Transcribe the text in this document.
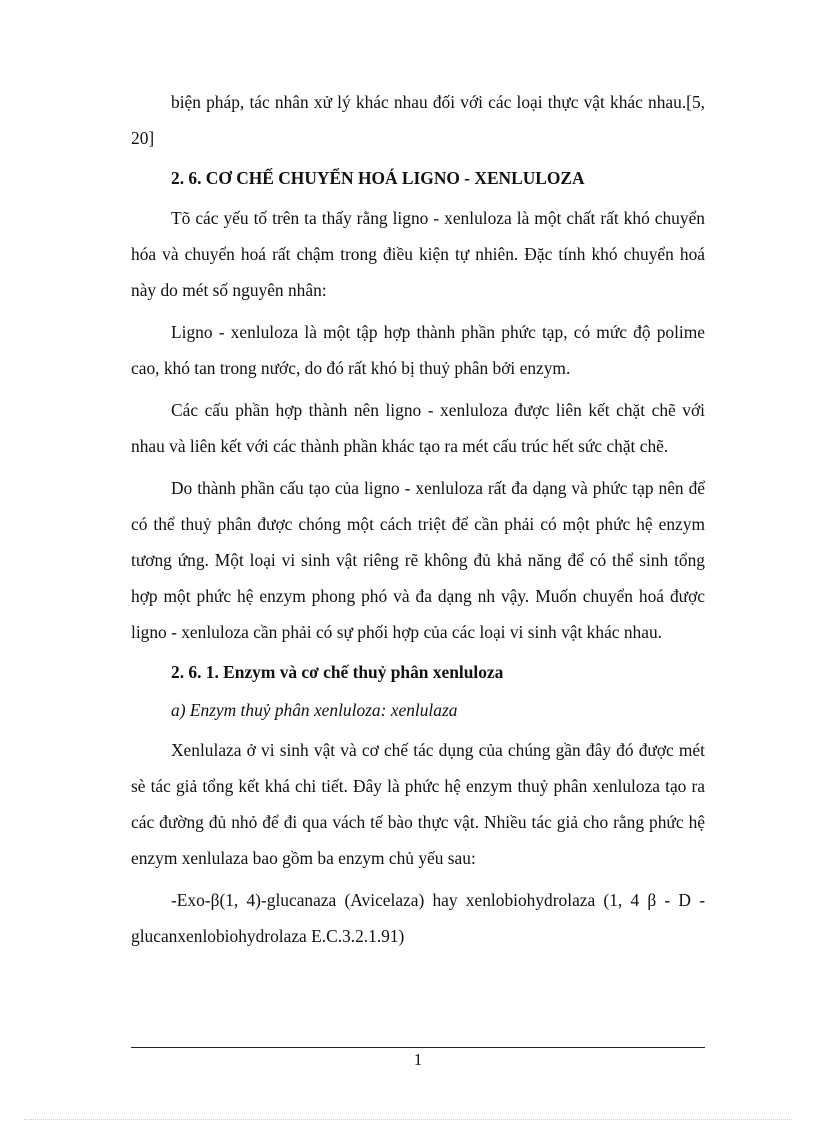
biện pháp, tác nhân xử lý khác nhau đối với các loại thực vật khác nhau.[5, 20]

2. 6. CƠ CHẾ CHUYỂN HOÁ LIGNO - XENLULOZA

Tõ các yếu tố trên ta thấy rằng ligno - xenluloza là một chất rất khó chuyển hóa và chuyển hoá rất chậm trong điều kiện tự nhiên. Đặc tính khó chuyển hoá này do mét số nguyên nhân:

Ligno - xenluloza là một tập hợp thành phần phức tạp, có mức độ polime cao, khó tan trong nước, do đó rất khó bị thuỷ phân bởi enzym.

Các cấu phần hợp thành nên ligno - xenluloza được liên kết chặt chẽ với nhau và liên kết với các thành phần khác tạo ra mét cấu trúc hết sức chặt chẽ.

Do thành phần cấu tạo của ligno - xenluloza rất đa dạng và phức tạp nên để có thể thuỷ phân được chóng một cách triệt để cần phải có một phức hệ enzym tương ứng. Một loại vi sinh vật riêng rẽ không đủ khả năng để có thể sinh tổng hợp một phức hệ enzym phong phó và đa dạng nh vậy. Muốn chuyển hoá được ligno - xenluloza cần phải có sự phối hợp của các loại vi sinh vật khác nhau.

2. 6. 1. Enzym và cơ chế thuỷ phân xenluloza

a) Enzym thuỷ phân xenluloza: xenlulaza

Xenlulaza ở vi sinh vật và cơ chế tác dụng của chúng gần đây đó được mét sè tác giả tổng kết khá chi tiết. Đây là phức hệ enzym thuỷ phân xenluloza tạo ra các đường đủ nhỏ để đi qua vách tế bào thực vật. Nhiều tác giả cho rằng phức hệ enzym xenlulaza bao gồm ba enzym chủ yếu sau:

-Exo-β(1, 4)-glucanaza (Avicelaza) hay xenlobiohydrolaza (1, 4 β - D - glucanxenlobiohydrolaza E.C.3.2.1.91)

1
